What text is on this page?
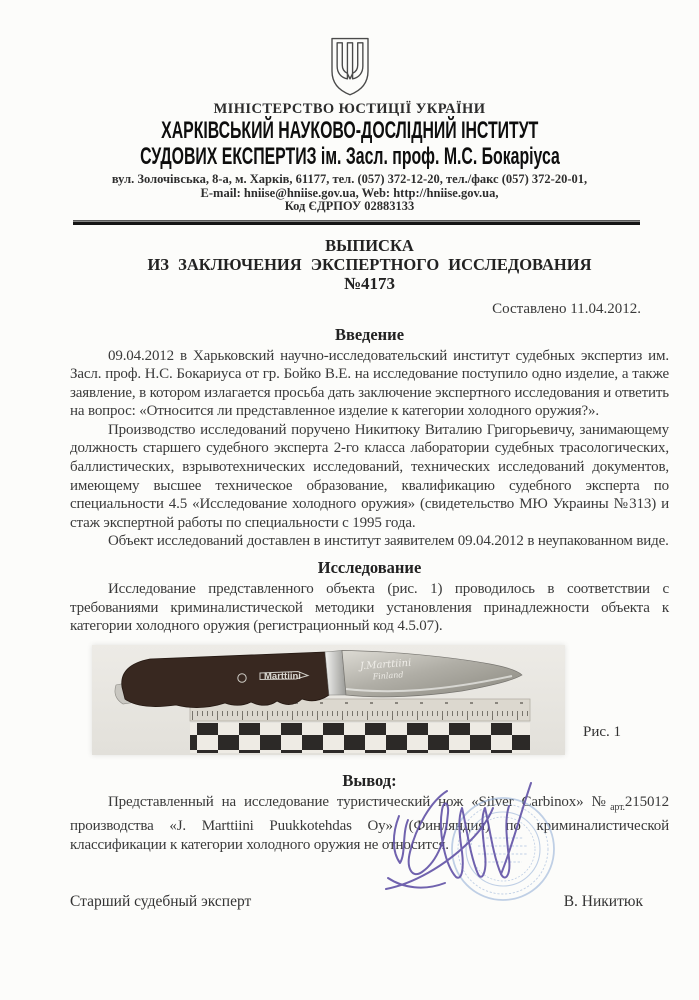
МІНІСТЕРСТВО ЮСТИЦІЇ УКРАЇНИ
ХАРКІВСЬКИЙ НАУКОВО-ДОСЛІДНИЙ ІНСТИТУТ
СУДОВИХ ЕКСПЕРТИЗ ім. Засл. проф. М.С. Бокаріуса
вул. Золочівська, 8-а, м. Харків, 61177, тел. (057) 372-12-20, тел./факс (057) 372-20-01,
E-mail: hniise@hniise.gov.ua, Web: http://hniise.gov.ua,
Код ЄДРПОУ 02883133
ВЫПИСКА
ИЗ ЗАКЛЮЧЕНИЯ ЭКСПЕРТНОГО ИССЛЕДОВАНИЯ
№4173
Составлено 11.04.2012.
Введение

09.04.2012 в Харьковский научно-исследовательский институт судебных экспертиз им. Засл. проф. Н.С. Бокариуса от гр. Бойко В.Е. на исследование поступило одно изделие, а также заявление, в котором излагается просьба дать заключение экспертного исследования и ответить на вопрос: «Относится ли представленное изделие к категории холодного оружия?».

Производство исследований поручено Никитюку Виталию Григорьевичу, занимающему должность старшего судебного эксперта 2-го класса лаборатории судебных трасологических, баллистических, взрывотехнических исследований, технических исследований документов, имеющему высшее техническое образование, квалификацию судебного эксперта по специальности 4.5 «Исследование холодного оружия» (свидетельство МЮ Украины №313) и стаж экспертной работы по специальности с 1995 года.

Объект исследований доставлен в институт заявителем 09.04.2012 в неупакованном виде.

Исследование

Исследование представленного объекта (рис. 1) проводилось в соответствии с требованиями криминалистической методики установления принадлежности объекта к категории холодного оружия (регистрационный код 4.5.07).

Marttiini
J.Marttiini
Finland
Рис. 1
Вывод:

Представленный на исследование туристический нож «Silver Carbinox» $№_{арт.}215012$ производства «J. Marttiini Puukkotehdas Oy» (Финляндия) по криминалистической классификации к категории холодного оружия не относится.

Старший судебный эксперт	В. Никитюк
